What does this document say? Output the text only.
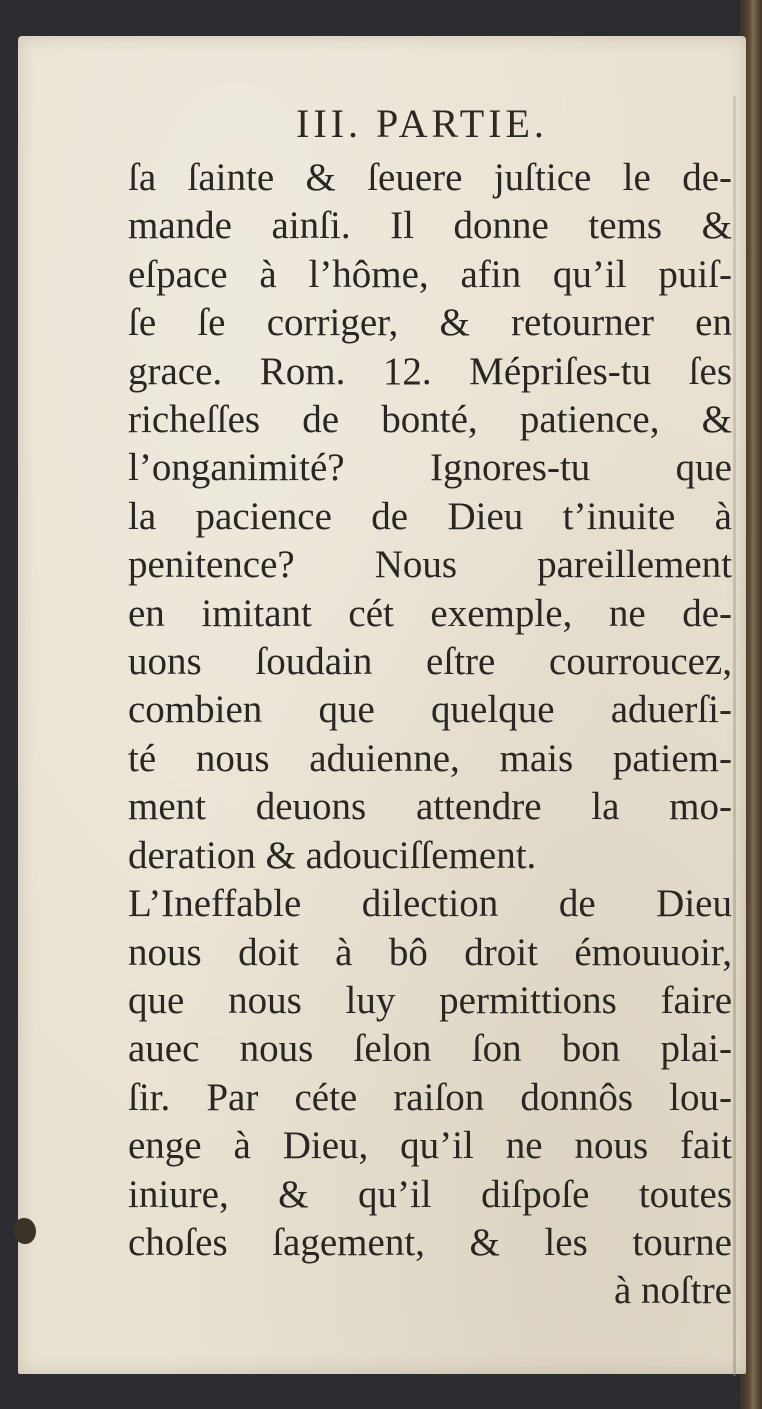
III. PARTIE.
ſa ſainte & ſeuere juſtice le de-
mande ainſi. Il donne tems &
eſpace à l’hôme, afin qu’il puiſ-
ſe ſe corriger, & retourner en
grace. Rom. 12. Mépriſes-tu ſes
richeſſes de bonté, patience, &
l’onganimité? Ignores-tu que
la pacience de Dieu t’inuite à
penitence? Nous pareillement
en imitant cét exemple, ne de-
uons ſoudain eſtre courroucez,
combien que quelque aduerſi-
té nous aduienne, mais patiem-
ment deuons attendre la mo-
deration & adouciſſement.
L’Ineffable dilection de Dieu
nous doit à bô droit émouuoir,
que nous luy permittions faire
auec nous ſelon ſon bon plai-
ſir. Par céte raiſon donnôs lou-
enge à Dieu, qu’il ne nous fait
iniure, & qu’il diſpoſe toutes
choſes ſagement, & les tourne
à noſtre
